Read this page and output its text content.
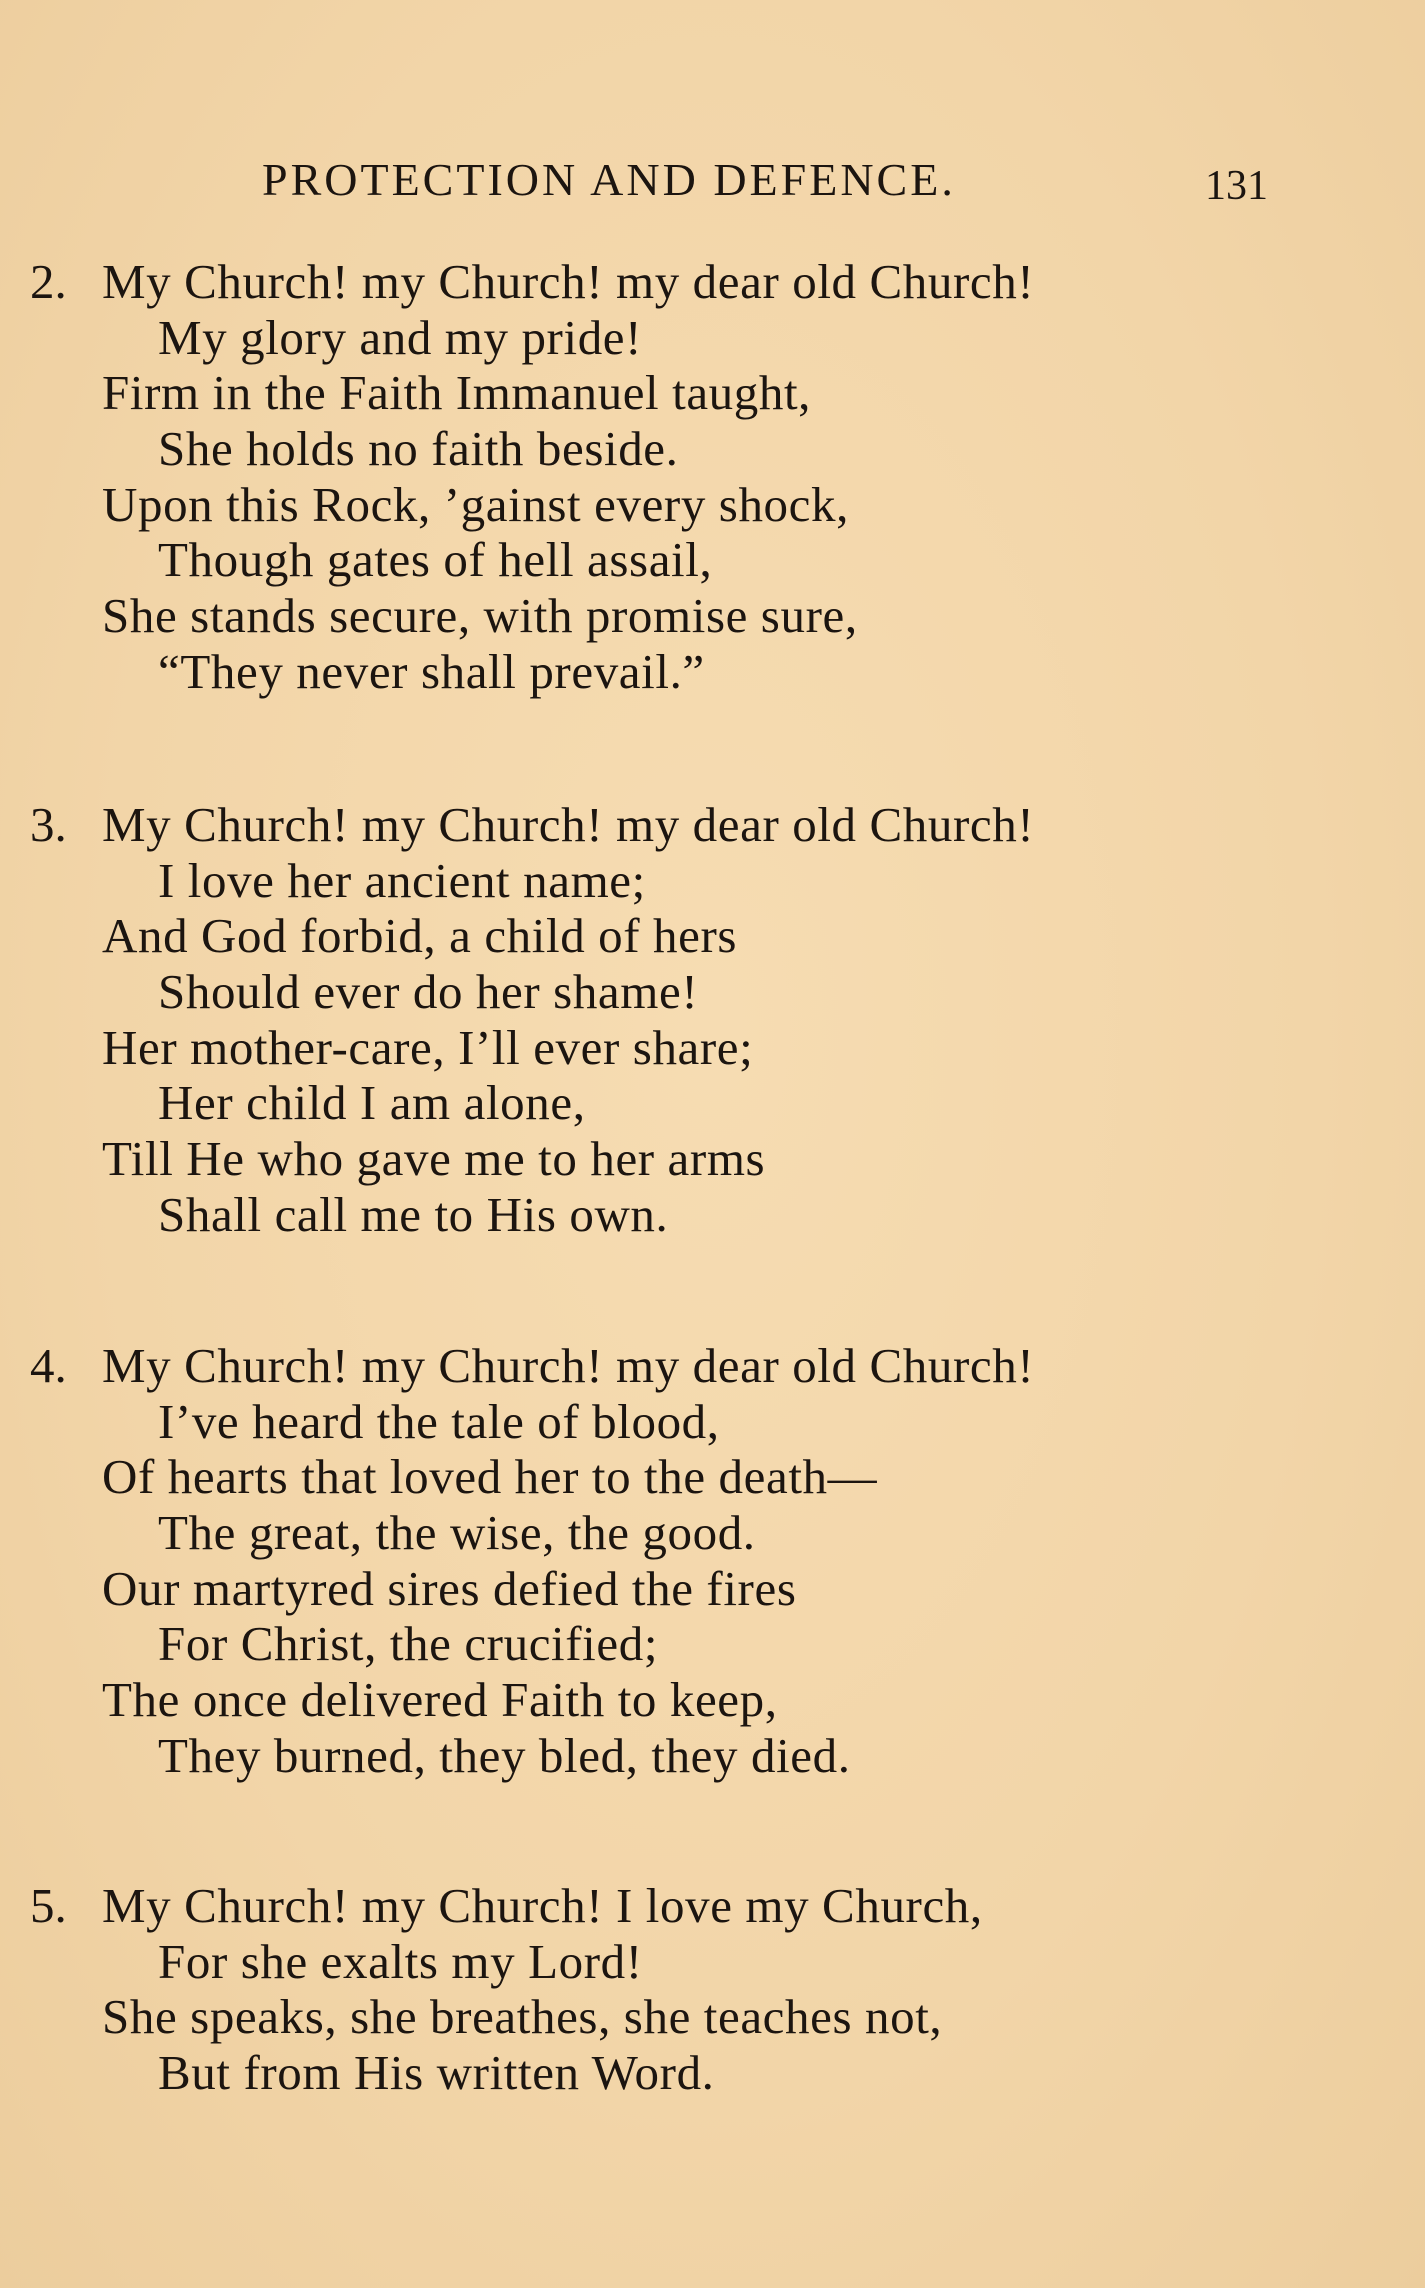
PROTECTION AND DEFENCE.	131
2. My Church! my Church! my dear old Church!
My glory and my pride!
Firm in the Faith Immanuel taught,
She holds no faith beside.
Upon this Rock, ’gainst every shock,
Though gates of hell assail,
She stands secure, with promise sure,
“They never shall prevail.”
3. My Church! my Church! my dear old Church!
I love her ancient name;
And God forbid, a child of hers
Should ever do her shame!
Her mother-care, I’ll ever share;
Her child I am alone,
Till He who gave me to her arms
Shall call me to His own.
4. My Church! my Church! my dear old Church!
I’ve heard the tale of blood,
Of hearts that loved her to the death—
The great, the wise, the good.
Our martyred sires defied the fires
For Christ, the crucified;
The once delivered Faith to keep,
They burned, they bled, they died.
5. My Church! my Church! I love my Church,
For she exalts my Lord!
She speaks, she breathes, she teaches not,
But from His written Word.
